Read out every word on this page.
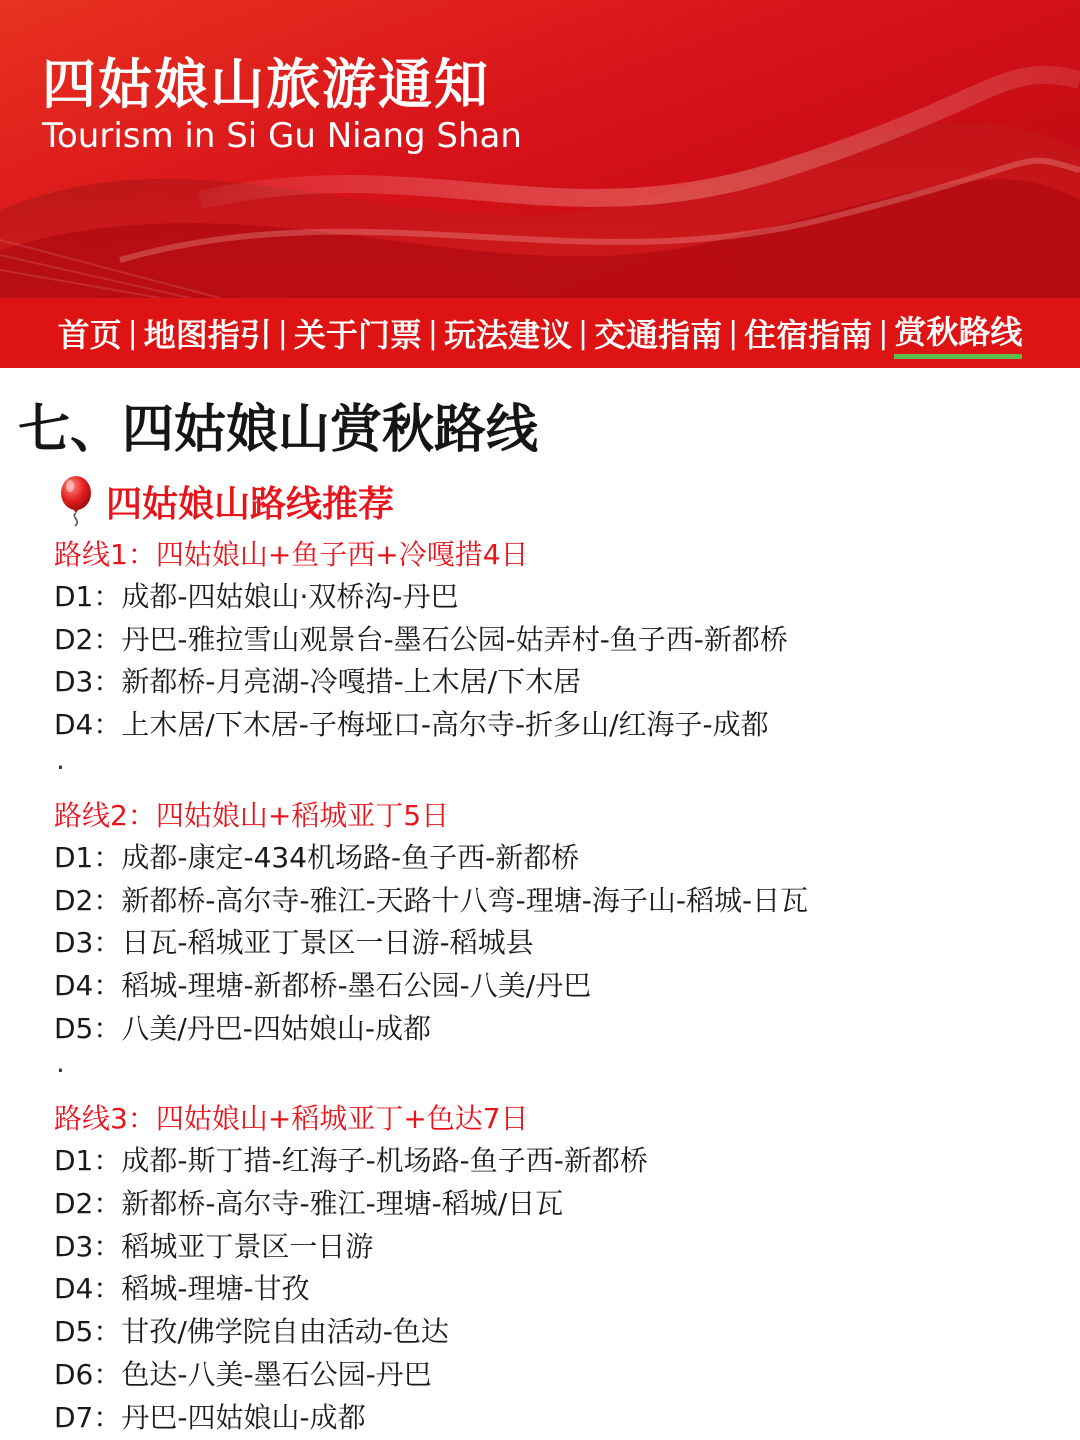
四姑娘山旅游通知

Tourism in Si Gu Niang Shan

首页 | 地图指引 | 关于门票 | 玩法建议 | 交通指南 | 住宿指南 | 赏秋路线
七、四姑娘山赏秋路线
四姑娘山路线推荐
路线1：四姑娘山+鱼子西+冷嘎措4日
D1：成都-四姑娘山·双桥沟-丹巴
D2：丹巴-雅拉雪山观景台-墨石公园-姑弄村-鱼子西-新都桥
D3：新都桥-月亮湖-冷嘎措-上木居/下木居
D4：上木居/下木居-子梅垭口-高尔寺-折多山/红海子-成都
·
路线2：四姑娘山+稻城亚丁5日
D1：成都-康定-434机场路-鱼子西-新都桥
D2：新都桥-高尔寺-雅江-天路十八弯-理塘-海子山-稻城-日瓦
D3：日瓦-稻城亚丁景区一日游-稻城县
D4：稻城-理塘-新都桥-墨石公园-八美/丹巴
D5：八美/丹巴-四姑娘山-成都
·
路线3：四姑娘山+稻城亚丁+色达7日
D1：成都-斯丁措-红海子-机场路-鱼子西-新都桥
D2：新都桥-高尔寺-雅江-理塘-稻城/日瓦
D3：稻城亚丁景区一日游
D4：稻城-理塘-甘孜
D5：甘孜/佛学院自由活动-色达
D6：色达-八美-墨石公园-丹巴
D7：丹巴-四姑娘山-成都
